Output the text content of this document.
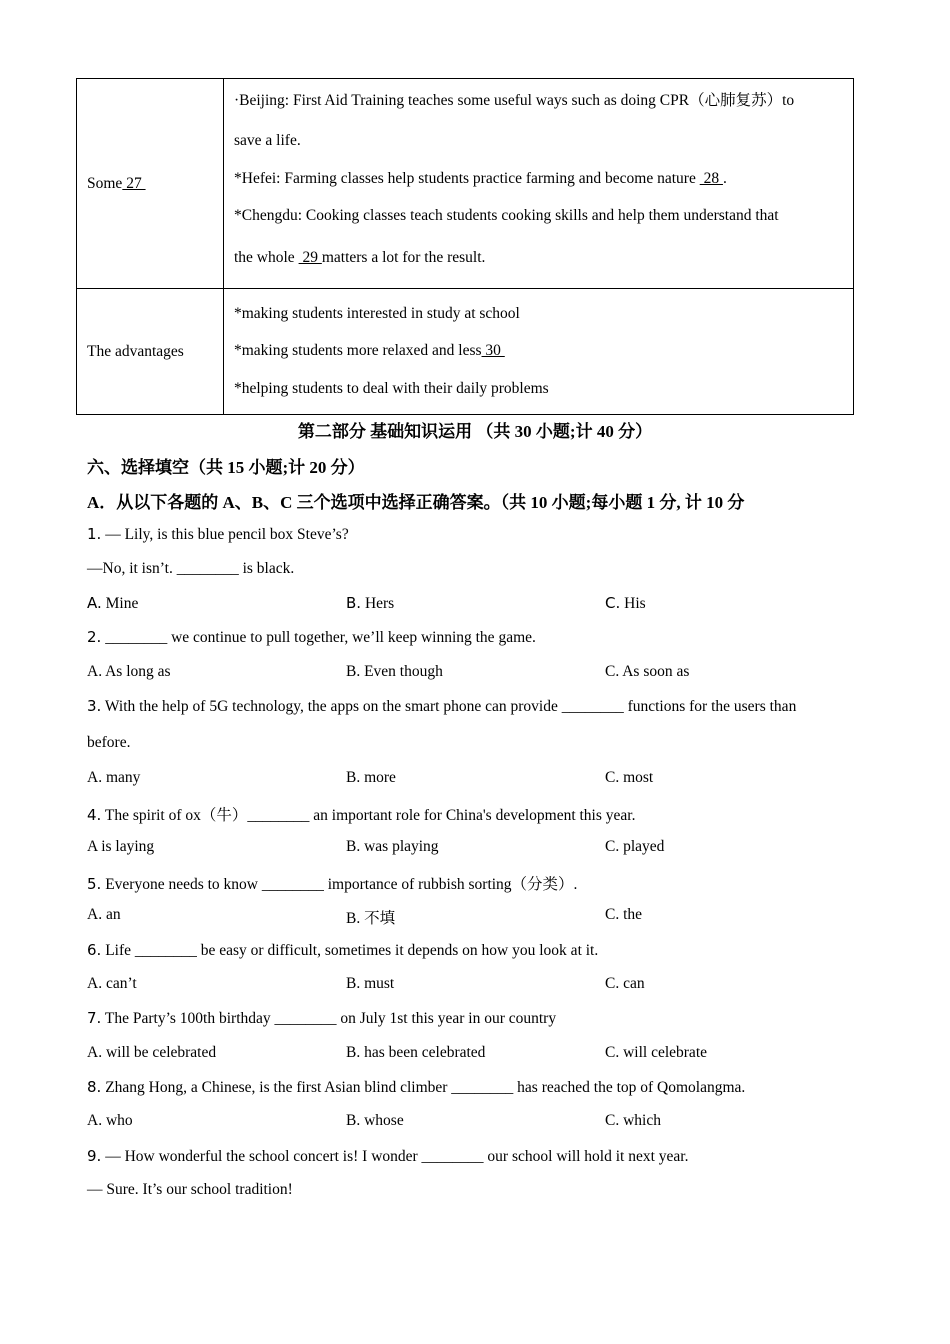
Some 27	·Beijing: First Aid Training teaches some useful ways such as doing CPR（心肺复苏）to

save a life.

*Hefei: Farming classes help students practice farming and become nature  28 .

*Chengdu: Cooking classes teach students cooking skills and help them understand that

the whole  29 matters a lot for the result.

The advantages	*making students interested in study at school

*making students more relaxed and less 30

*helping students to deal with their daily problems

第二部分 基础知识运用 （共 30 小题;计 40 分）
六、选择填空（共 15 小题;计 20 分）
A．从以下各题的 A、B、C 三个选项中选择正确答案。（共 10 小题;每小题 1 分, 计 10 分
1. — Lily, is this blue pencil box Steve’s?
—No, it isn’t. ________ is black.
A. Mine	B. Hers	C. His
2. ________ we continue to pull together, we’ll keep winning the game.
A. As long as	B. Even though	C. As soon as
3. With the help of 5G technology, the apps on the smart phone can provide ________ functions for the users than
before.
A. many	B. more	C. most
4. The spirit of ox（牛）________ an important role for China's development this year.
A is laying	B. was playing	C. played
5. Everyone needs to know ________ importance of rubbish sorting（分类）.
A. an	B. 不填	C. the
6. Life ________ be easy or difficult, sometimes it depends on how you look at it.
A. can’t	B. must	C. can
7. The Party’s 100th birthday ________ on July 1st this year in our country
A. will be celebrated	B. has been celebrated	C. will celebrate
8. Zhang Hong, a Chinese, is the first Asian blind climber ________ has reached the top of Qomolangma.
A. who	B. whose	C. which
9. — How wonderful the school concert is! I wonder ________ our school will hold it next year.
— Sure. It’s our school tradition!
